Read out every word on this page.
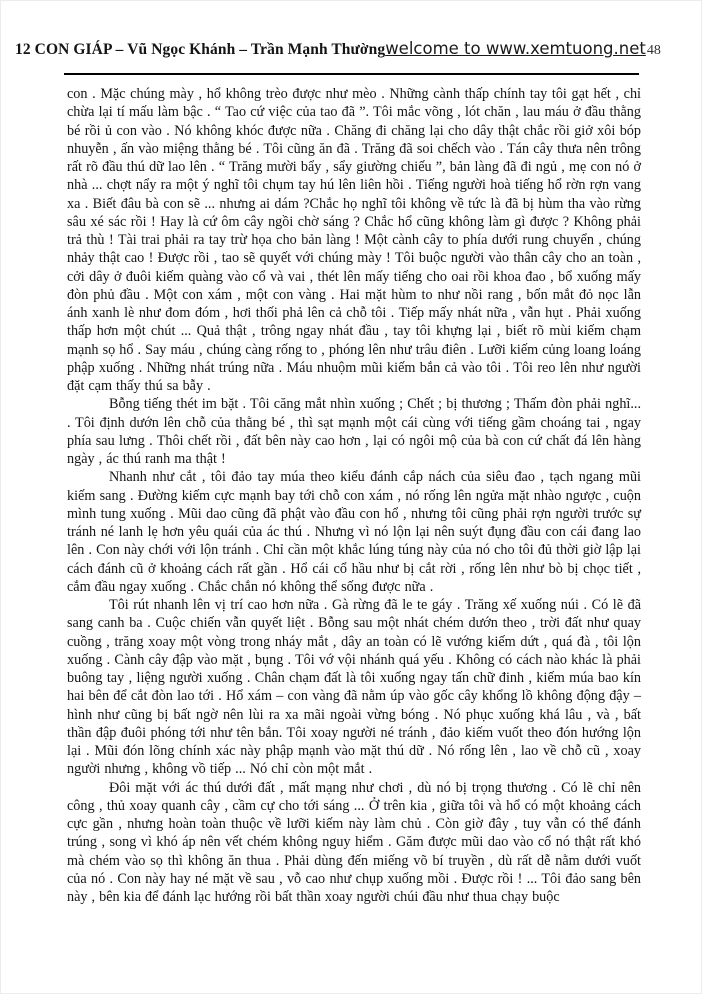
12 CON GIÁP – Vũ Ngọc Khánh – Trần Mạnh Thường welcome to www.xemtuong.net 48

con . Mặc chúng mày , hổ không trèo được như mèo . Những cành thấp chính tay tôi gạt hết , chỉ chừa lại tí mấu làm bậc . “ Tao cứ việc của tao đã ”. Tôi mắc võng , lót chăn , lau máu ở đầu thằng bé rồi ủ con vào . Nó không khóc được nữa . Chăng đi chăng lại cho dây thật chắc rồi giở xôi bóp nhuyễn , ấn vào miệng thằng bé . Tôi cũng ăn đã . Trăng đã soi chếch vào . Tán cây thưa nên trông rất rõ đầu thú dữ lao lên . “ Trăng mười bẩy , sẩy giường chiếu ”, bản làng đã đi ngủ , mẹ con nó ở nhà ... chợt nẩy ra một ý nghĩ tôi chụm tay hú lên liên hồi . Tiếng người hoà tiếng hổ rờn rợn vang xa . Biết đâu bà con sẽ ... nhưng ai dám ?Chắc họ nghĩ tôi không về tức là đã bị hùm tha vào rừng sâu xé sác rồi ! Hay là cứ ôm cây ngồi chờ sáng ? Chắc hổ cũng không làm gì được ? Không phải trả thù ! Tài trai phải ra tay trừ họa cho bản làng ! Một cành cây to phía dưới rung chuyển , chúng nhảy thật cao ! Được rồi , tao sẽ quyết với chúng mày ! Tôi buộc người vào thân cây cho an toàn , cởi dây ở đuôi kiếm quàng vào cổ và vai , thét lên mấy tiếng cho oai rồi khoa đao , bổ xuống mấy đòn phủ đầu . Một con xám , một con vàng . Hai mặt hùm to như nồi rang , bốn mắt đỏ nọc lẫn ánh xanh lè như đom đóm , hơi thối phả lên cả chỗ tôi . Tiếp mấy nhát nữa , vẫn hụt . Phải xuống thấp hơn một chút ... Quả thật , trông ngay nhát đầu , tay tôi khựng lại , biết rõ mùi kiếm chạm mạnh sọ hổ . Say máu , chúng càng rống to , phóng lên như trâu điên . Lưỡi kiếm củng loang loáng phập xuống . Những nhát trúng nữa . Máu nhuộm mũi kiếm bắn cả vào tôi . Tôi reo lên như người đặt cạm thấy thú sa bẫy .

Bỗng tiếng thét im bặt . Tôi căng mắt nhìn xuống ; Chết ; bị thương ; Thấm đòn phải nghĩ... . Tôi định dướn lên chỗ của thằng bé , thì sạt mạnh một cái cùng với tiếng gầm choáng tai , ngay phía sau lưng . Thôi chết rồi , đất bên này cao hơn , lại có ngôi mộ của bà con cứ chất đá lên hàng ngày , ác thú ranh ma thật !

Nhanh như cắt , tôi đảo tay múa theo kiểu đánh cắp nách của siêu đao , tạch ngang mũi kiếm sang . Đường kiếm cực mạnh bay tới chỗ con xám , nó rống lên ngửa mặt nhào ngược , cuộn mình tung xuống . Mũi dao cũng đã phật vào đầu con hổ , nhưng tôi cũng phải rợn người trước sự tránh né lanh lẹ hơn yêu quái của ác thú . Nhưng vì nó lộn lại nên suýt đụng đầu con cái đang lao lên . Con này chới với lộn tránh . Chỉ cần một khắc lúng túng này của nó cho tôi đủ thời giờ lập lại cách đánh cũ ở khoảng cách rất gần . Hổ cái cổ hầu như bị cắt rời , rống lên như bò bị chọc tiết , cắm đầu ngay xuống . Chắc chắn nó không thể sống được nữa .

Tôi rút nhanh lên vị trí cao hơn nữa . Gà rừng đã le te gáy . Trăng xế xuống núi . Có lẽ đã sang canh ba . Cuộc chiến vẫn quyết liệt . Bỗng sau một nhát chém dướn theo , trời đất như quay cuồng , trăng xoay một vòng trong nháy mắt , dây an toàn có lẽ vướng kiếm dứt , quá đà , tôi lộn xuống . Cành cây đập vào mặt , bụng . Tôi vớ vội nhánh quá yếu . Không có cách nào khác là phải buông tay , liệng người xuống . Chân chạm đất là tôi xuống ngay tấn chữ đinh , kiếm múa bao kín hai bên để cắt đòn lao tới . Hổ xám – con vàng đã nằm úp vào gốc cây khổng lồ không động đậy – hình như cũng bị bất ngờ nên lùi ra xa mãi ngoài vừng bóng . Nó phục xuống khá lâu , và , bất thần đập đuôi phóng tới như tên bắn. Tôi xoay người né tránh , đảo kiếm vuốt theo đón hướng lộn lại . Mũi đón lõng chính xác này phập mạnh vào mặt thú dữ . Nó rống lên , lao về chỗ cũ , xoay người nhưng , không vồ tiếp ... Nó chỉ còn một mắt .

Đôi mặt với ác thú dưới đất , mất mạng như chơi , dù nó bị trọng thương . Có lẽ chỉ nên công , thủ xoay quanh cây , cầm cự cho tới sáng ... Ở trên kia , giữa tôi và hổ có một khoảng cách cực gần , nhưng hoàn toàn thuộc về lưỡi kiếm này làm chủ . Còn giờ đây , tuy vẫn có thể đánh trúng , song vì khó áp nên vết chém không nguy hiểm . Găm được mũi dao vào cổ nó thật rất khó mà chém vào sọ thì không ăn thua . Phải dùng đến miếng võ bí truyền , dù rất dễ nằm dưới vuốt của nó . Con này hay né mặt về sau , vỗ cao như chụp xuống mồi . Được rồi ! ... Tôi đảo sang bên này , bên kia để đánh lạc hướng rồi bất thần xoay người chúi đầu như thua chạy buộc
